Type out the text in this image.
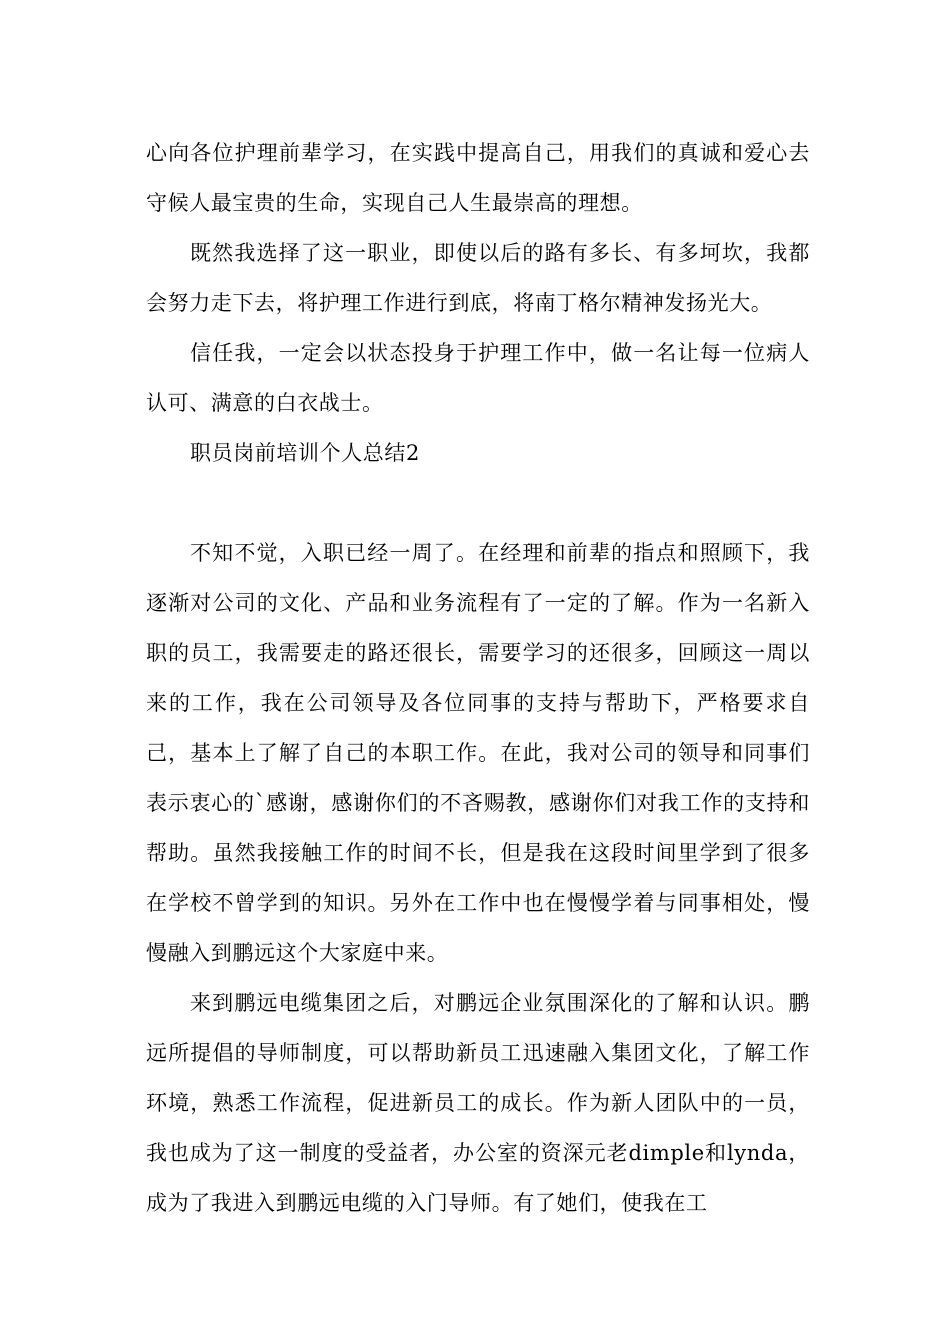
心向各位护理前辈学习，在实践中提高自己，用我们的真诚和爱心去守候人最宝贵的生命，实现自己人生最崇高的理想。

既然我选择了这一职业，即使以后的路有多长、有多坷坎，我都会努力走下去，将护理工作进行到底，将南丁格尔精神发扬光大。

信任我，一定会以状态投身于护理工作中，做一名让每一位病人认可、满意的白衣战士。

职员岗前培训个人总结2

不知不觉，入职已经一周了。在经理和前辈的指点和照顾下，我逐渐对公司的文化、产品和业务流程有了一定的了解。作为一名新入职的员工，我需要走的路还很长，需要学习的还很多，回顾这一周以来的工作，我在公司领导及各位同事的支持与帮助下，严格要求自己，基本上了解了自己的本职工作。在此，我对公司的领导和同事们表示衷心的`感谢，感谢你们的不吝赐教，感谢你们对我工作的支持和帮助。虽然我接触工作的时间不长，但是我在这段时间里学到了很多在学校不曾学到的知识。另外在工作中也在慢慢学着与同事相处，慢慢融入到鹏远这个大家庭中来。

来到鹏远电缆集团之后，对鹏远企业氛围深化的了解和认识。鹏远所提倡的导师制度，可以帮助新员工迅速融入集团文化，了解工作环境，熟悉工作流程，促进新员工的成长。作为新人团队中的一员，我也成为了这一制度的受益者，办公室的资深元老dimple和lynda，成为了我进入到鹏远电缆的入门导师。有了她们，使我在工
